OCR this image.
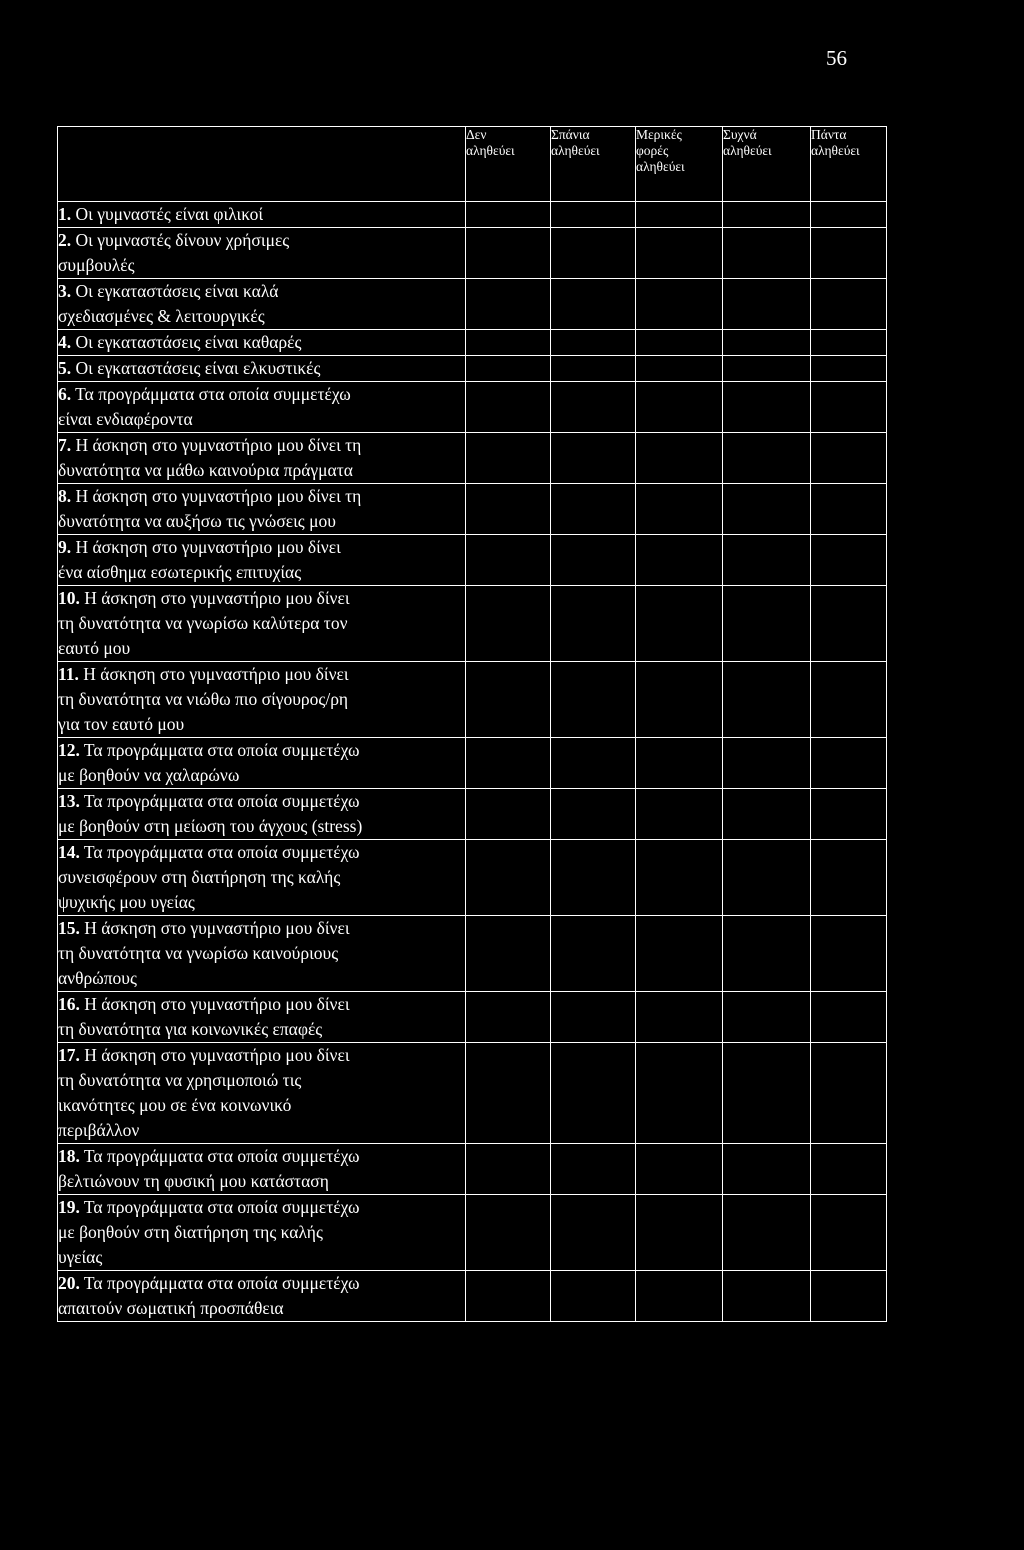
56
	Δεν
αληθεύει	Σπάνια
αληθεύει	Μερικές
φορές
αληθεύει	Συχνά
αληθεύει	Πάντα
αληθεύει
1. Οι γυμναστές είναι φιλικοί					
2. Οι γυμναστές δίνουν χρήσιμες
συμβουλές					
3. Οι εγκαταστάσεις είναι καλά
σχεδιασμένες & λειτουργικές					
4. Οι εγκαταστάσεις είναι καθαρές					
5. Οι εγκαταστάσεις είναι ελκυστικές					
6. Τα προγράμματα στα οποία συμμετέχω
είναι ενδιαφέροντα					
7. Η άσκηση στο γυμναστήριο μου δίνει τη
δυνατότητα να μάθω καινούρια πράγματα					
8. Η άσκηση στο γυμναστήριο μου δίνει τη
δυνατότητα να αυξήσω τις γνώσεις μου					
9. Η άσκηση στο γυμναστήριο μου δίνει
ένα αίσθημα εσωτερικής επιτυχίας					
10. Η άσκηση στο γυμναστήριο μου δίνει
τη δυνατότητα να γνωρίσω καλύτερα τον
εαυτό μου					
11. Η άσκηση στο γυμναστήριο μου δίνει
τη δυνατότητα να νιώθω πιο σίγουρος/ρη
για τον εαυτό μου					
12. Τα προγράμματα στα οποία συμμετέχω
με βοηθούν να χαλαρώνω					
13. Τα προγράμματα στα οποία συμμετέχω
με βοηθούν στη μείωση του άγχους (stress)					
14. Τα προγράμματα στα οποία συμμετέχω
συνεισφέρουν στη διατήρηση της καλής
ψυχικής μου υγείας					
15. Η άσκηση στο γυμναστήριο μου δίνει
τη δυνατότητα να γνωρίσω καινούριους
ανθρώπους					
16. Η άσκηση στο γυμναστήριο μου δίνει
τη δυνατότητα για κοινωνικές επαφές					
17. Η άσκηση στο γυμναστήριο μου δίνει
τη δυνατότητα να χρησιμοποιώ τις
ικανότητες μου σε ένα κοινωνικό
περιβάλλον					
18. Τα προγράμματα στα οποία συμμετέχω
βελτιώνουν τη φυσική μου κατάσταση					
19. Τα προγράμματα στα οποία συμμετέχω
με βοηθούν στη διατήρηση της καλής
υγείας					
20. Τα προγράμματα στα οποία συμμετέχω
απαιτούν σωματική προσπάθεια					
